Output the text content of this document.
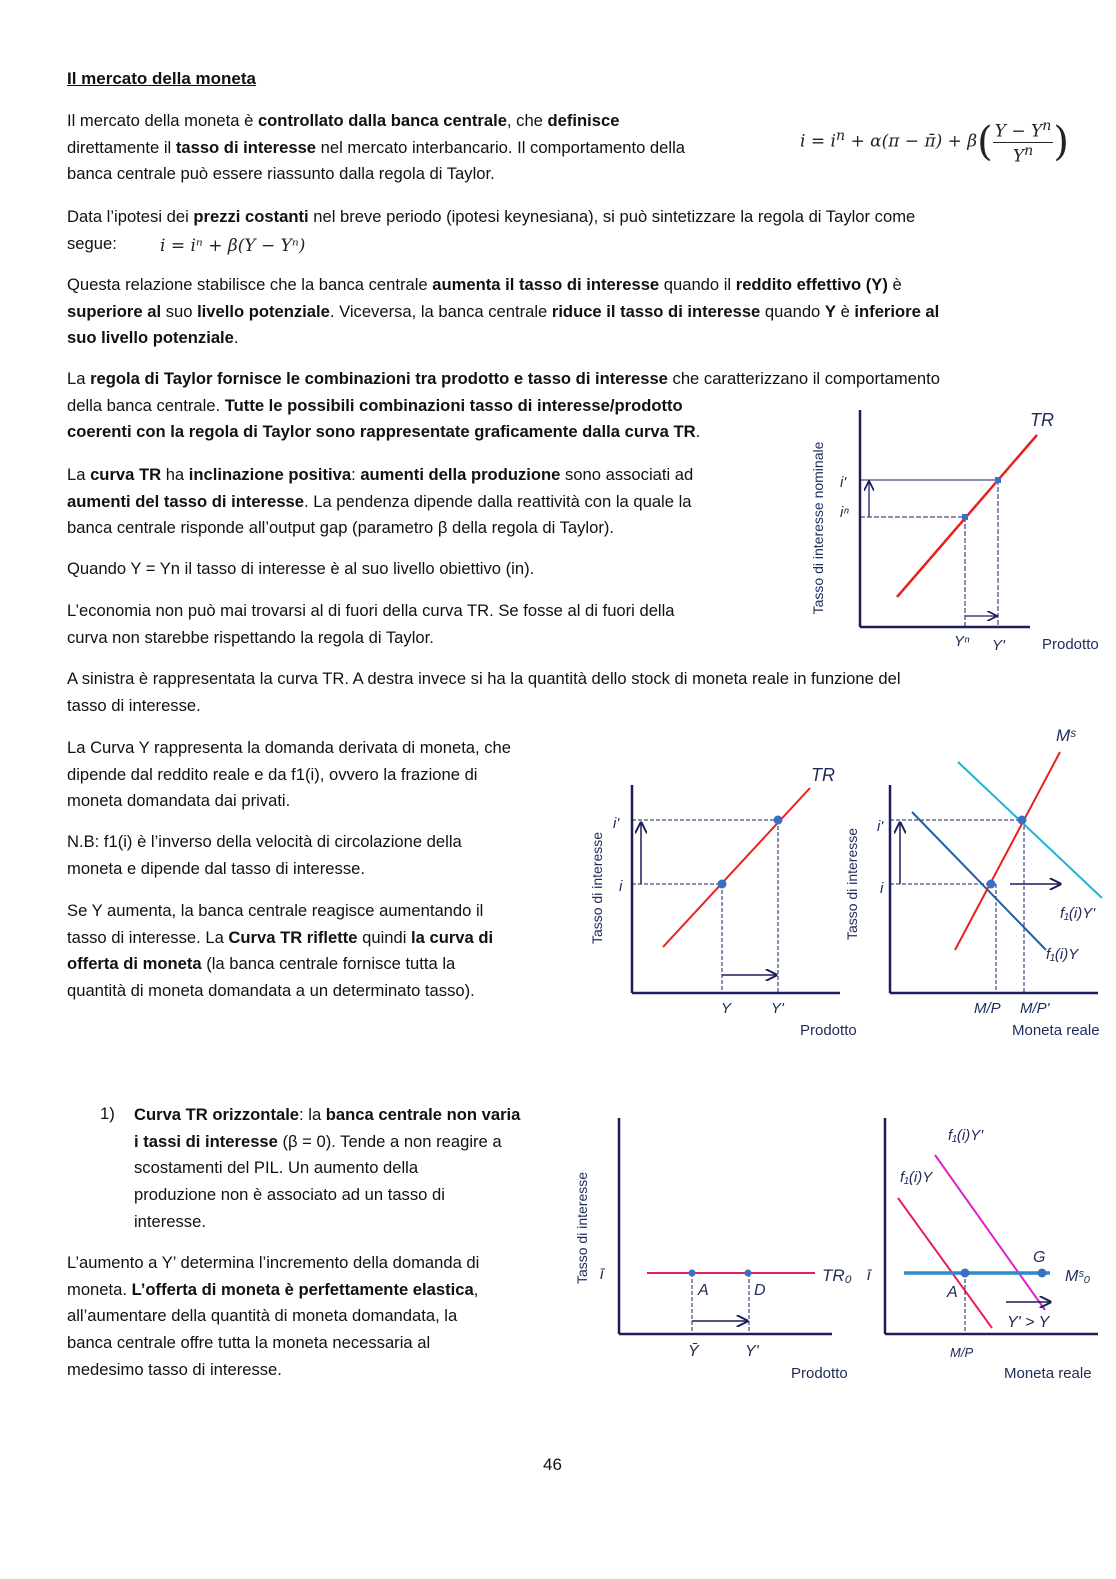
Il mercato della moneta
Il mercato della moneta è controllato dalla banca centrale, che definisce
direttamente il tasso di interesse nel mercato interbancario. Il comportamento della
banca centrale può essere riassunto dalla regola di Taylor.
Data l’ipotesi dei prezzi costanti nel breve periodo (ipotesi keynesiana), si può sintetizzare la regola di Taylor come
segue:
Questa relazione stabilisce che la banca centrale aumenta il tasso di interesse quando il reddito effettivo (Y) è
superiore al suo livello potenziale. Viceversa, la banca centrale riduce il tasso di interesse quando Y è inferiore al
suo livello potenziale.
La regola di Taylor fornisce le combinazioni tra prodotto e tasso di interesse che caratterizzano il comportamento
della banca centrale. Tutte le possibili combinazioni tasso di interesse/prodotto
coerenti con la regola di Taylor sono rappresentate graficamente dalla curva TR.
La curva TR ha inclinazione positiva: aumenti della produzione sono associati ad
aumenti del tasso di interesse. La pendenza dipende dalla reattività con la quale la
banca centrale risponde all’output gap (parametro β della regola di Taylor).
Quando Y = Yn il tasso di interesse è al suo livello obiettivo (in).
L’economia non può mai trovarsi al di fuori della curva TR. Se fosse al di fuori della
curva non starebbe rispettando la regola di Taylor.
A sinistra è rappresentata la curva TR. A destra invece si ha la quantità dello stock di moneta reale in funzione del
tasso di interesse.
La Curva Y rappresenta la domanda derivata di moneta, che
dipende dal reddito reale e da f1(i), ovvero la frazione di
moneta domandata dai privati.
N.B: f1(i) è l’inverso della velocità di circolazione della
moneta e dipende dal tasso di interesse.
Se Y aumenta, la banca centrale reagisce aumentando il
tasso di interesse. La Curva TR riflette quindi la curva di
offerta di moneta (la banca centrale fornisce tutta la
quantità di moneta domandata a un determinato tasso).
Curva TR orizzontale: la banca centrale non varia
i tassi di interesse (β = 0). Tende a non reagire a
scostamenti del PIL. Un aumento della
produzione non è associato ad un tasso di
interesse.
L’aumento a Y’ determina l’incremento della domanda di
moneta. L’offerta di moneta è perfettamente elastica,
all’aumentare della quantità di moneta domandata, la
banca centrale offre tutta la moneta necessaria al
medesimo tasso di interesse.
$i = i^n + \alpha(\pi$ − π̄) + $\beta( \frac{Y - Y^n}{Y^n}$ )
i = iⁿ + β(Y − Yⁿ)
1)
TR
i'
iⁿ
Yⁿ Y' Prodotto
Tasso di interesse nominale
TR
i'
i
Y	Y'
Prodotto
Tasso di interesse
Mˢ
f₁(i)Y'
f₁(i)Y
i'
i
M/P M/P'
Moneta reale
Tasso di interesse
ī
A	D
TR₀
Ȳ	Y'
Prodotto
Tasso di interesse
f₁(i)Y'
f₁(i)Y
G
Mˢ₀
ī
A
Y' > Y
M/P
Moneta reale
46
